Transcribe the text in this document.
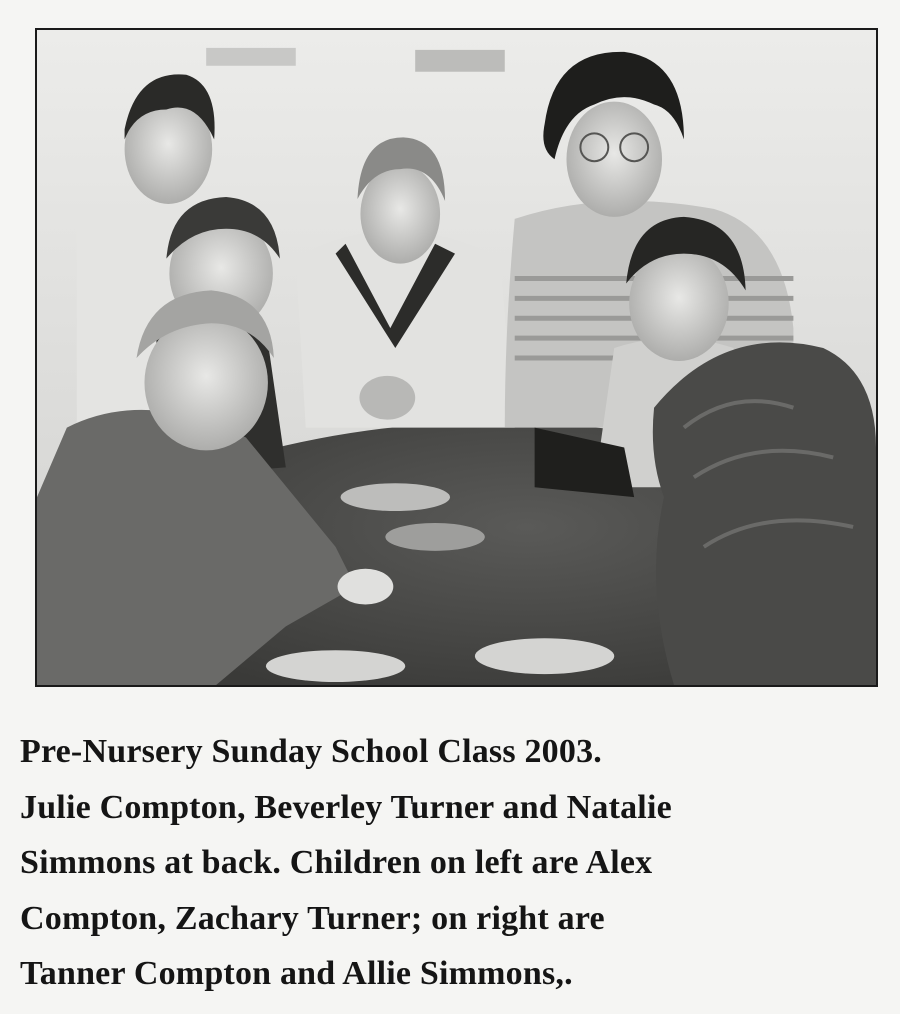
Pre-Nursery Sunday School Class 2003.
Julie Compton, Beverley Turner and Natalie
Simmons at back. Children on left are Alex
Compton, Zachary Turner; on right are
Tanner Compton and Allie Simmons,.
